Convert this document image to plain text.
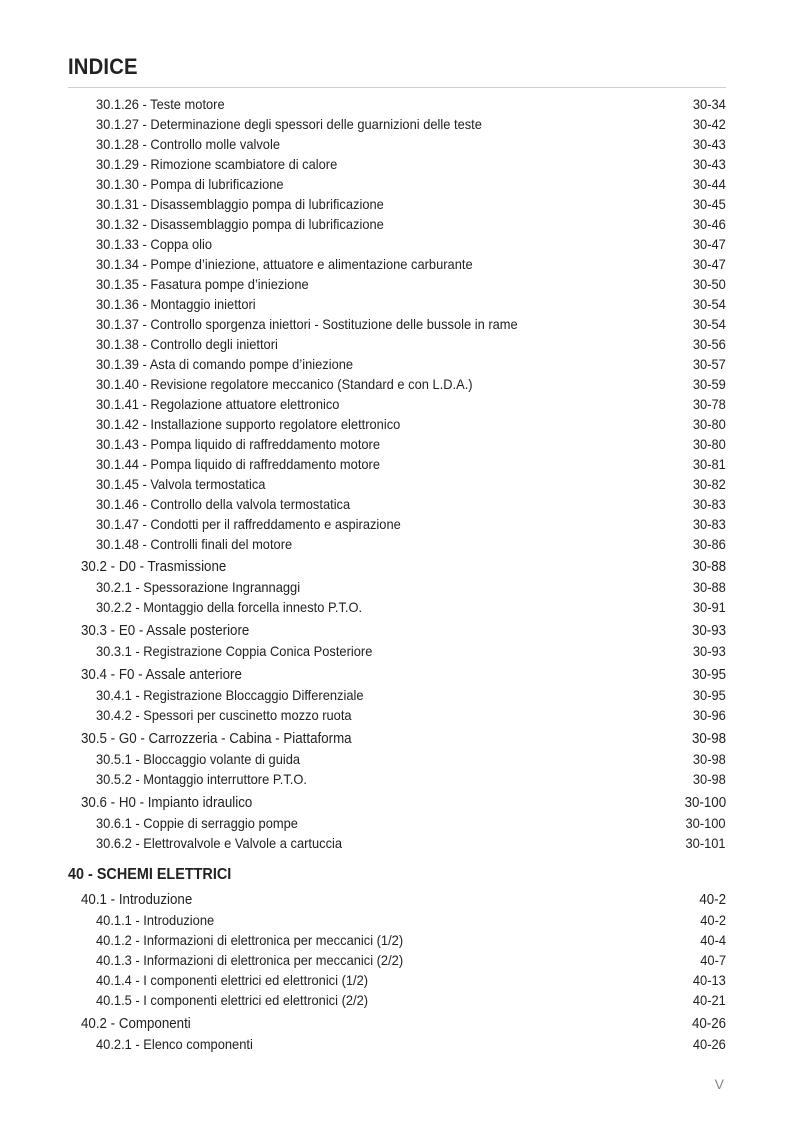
INDICE
30.1.26 - Teste motore	30-34
30.1.27 - Determinazione degli spessori delle guarnizioni delle teste	30-42
30.1.28 - Controllo molle valvole	30-43
30.1.29 - Rimozione scambiatore di calore	30-43
30.1.30 - Pompa di lubrificazione	30-44
30.1.31 - Disassemblaggio pompa di lubrificazione	30-45
30.1.32 - Disassemblaggio pompa di lubrificazione	30-46
30.1.33 - Coppa olio	30-47
30.1.34 - Pompe d’iniezione, attuatore e alimentazione carburante	30-47
30.1.35 - Fasatura pompe d’iniezione	30-50
30.1.36 - Montaggio iniettori	30-54
30.1.37 - Controllo sporgenza iniettori - Sostituzione delle bussole in rame	30-54
30.1.38 - Controllo degli iniettori	30-56
30.1.39 - Asta di comando pompe d’iniezione	30-57
30.1.40 - Revisione regolatore meccanico (Standard e con L.D.A.)	30-59
30.1.41 - Regolazione attuatore elettronico	30-78
30.1.42 - Installazione supporto regolatore elettronico	30-80
30.1.43 - Pompa liquido di raffreddamento motore	30-80
30.1.44 - Pompa liquido di raffreddamento motore	30-81
30.1.45 - Valvola termostatica	30-82
30.1.46 - Controllo della valvola termostatica	30-83
30.1.47 - Condotti per il raffreddamento e aspirazione	30-83
30.1.48 - Controlli finali del motore	30-86
30.2 - D0 - Trasmissione	30-88
30.2.1 - Spessorazione Ingrannaggi	30-88
30.2.2 - Montaggio della forcella innesto P.T.O.	30-91
30.3 - E0 - Assale posteriore	30-93
30.3.1 - Registrazione Coppia Conica Posteriore	30-93
30.4 - F0 - Assale anteriore	30-95
30.4.1 - Registrazione Bloccaggio Differenziale	30-95
30.4.2 - Spessori per cuscinetto mozzo ruota	30-96
30.5 - G0 - Carrozzeria - Cabina - Piattaforma	30-98
30.5.1 - Bloccaggio volante di guida	30-98
30.5.2 - Montaggio interruttore P.T.O.	30-98
30.6 - H0 - Impianto idraulico	30-100
30.6.1 - Coppie di serraggio pompe	30-100
30.6.2 - Elettrovalvole e Valvole a cartuccia	30-101
40 - SCHEMI ELETTRICI
40.1 - Introduzione	40-2
40.1.1 - Introduzione	40-2
40.1.2 - Informazioni di elettronica per meccanici (1/2)	40-4
40.1.3 - Informazioni di elettronica per meccanici (2/2)	40-7
40.1.4 - I componenti elettrici ed elettronici (1/2)	40-13
40.1.5 - I componenti elettrici ed elettronici (2/2)	40-21
40.2 - Componenti	40-26
40.2.1 - Elenco componenti	40-26
V
